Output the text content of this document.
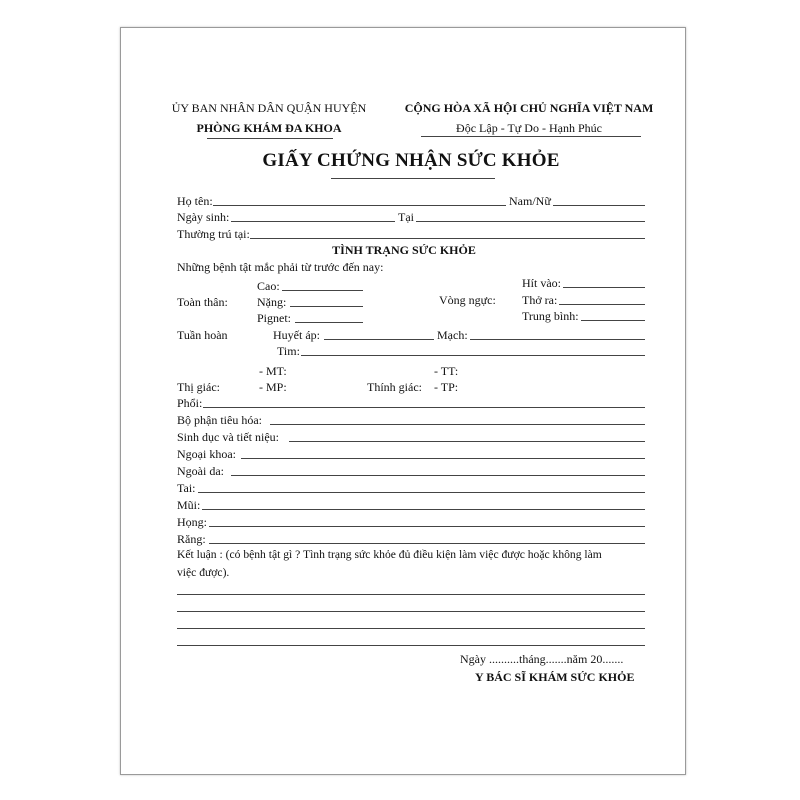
ỦY BAN NHÂN DÂN QUẬN HUYỆN
PHÒNG KHÁM ĐA KHOA
CỘNG HÒA XÃ HỘI CHỦ NGHĨA VIỆT NAM
Độc Lập - Tự Do - Hạnh Phúc
GIẤY CHỨNG NHẬN SỨC KHỎE
Họ tên:	Nam/Nữ
Ngày sinh:	Tại
Thường trú tại:
TÌNH TRẠNG SỨC KHỎE
Những bệnh tật mắc phải từ trước đến nay:
Cao:
Toàn thân: Nặng:
Pignet:
Hít vào:
Vòng ngực: Thở ra:
Trung bình:
Tuần hoàn	Huyết áp:	Mạch:
Tim:
- MT:	- TT:
Thị giác:	- MP:	Thính giác: - TP:
Phổi:
Bộ phận tiêu hóa:
Sinh dục và tiết niệu:
Ngoại khoa:
Ngoài da:
Tai:
Mũi:
Họng:
Răng:
Kết luận : (có bệnh tật gì ? Tình trạng sức khỏe đủ điều kiện làm việc được hoặc không làm
việc được).
Ngày ..........tháng.......năm 20.......
Y BÁC SĨ KHÁM SỨC KHỎE
